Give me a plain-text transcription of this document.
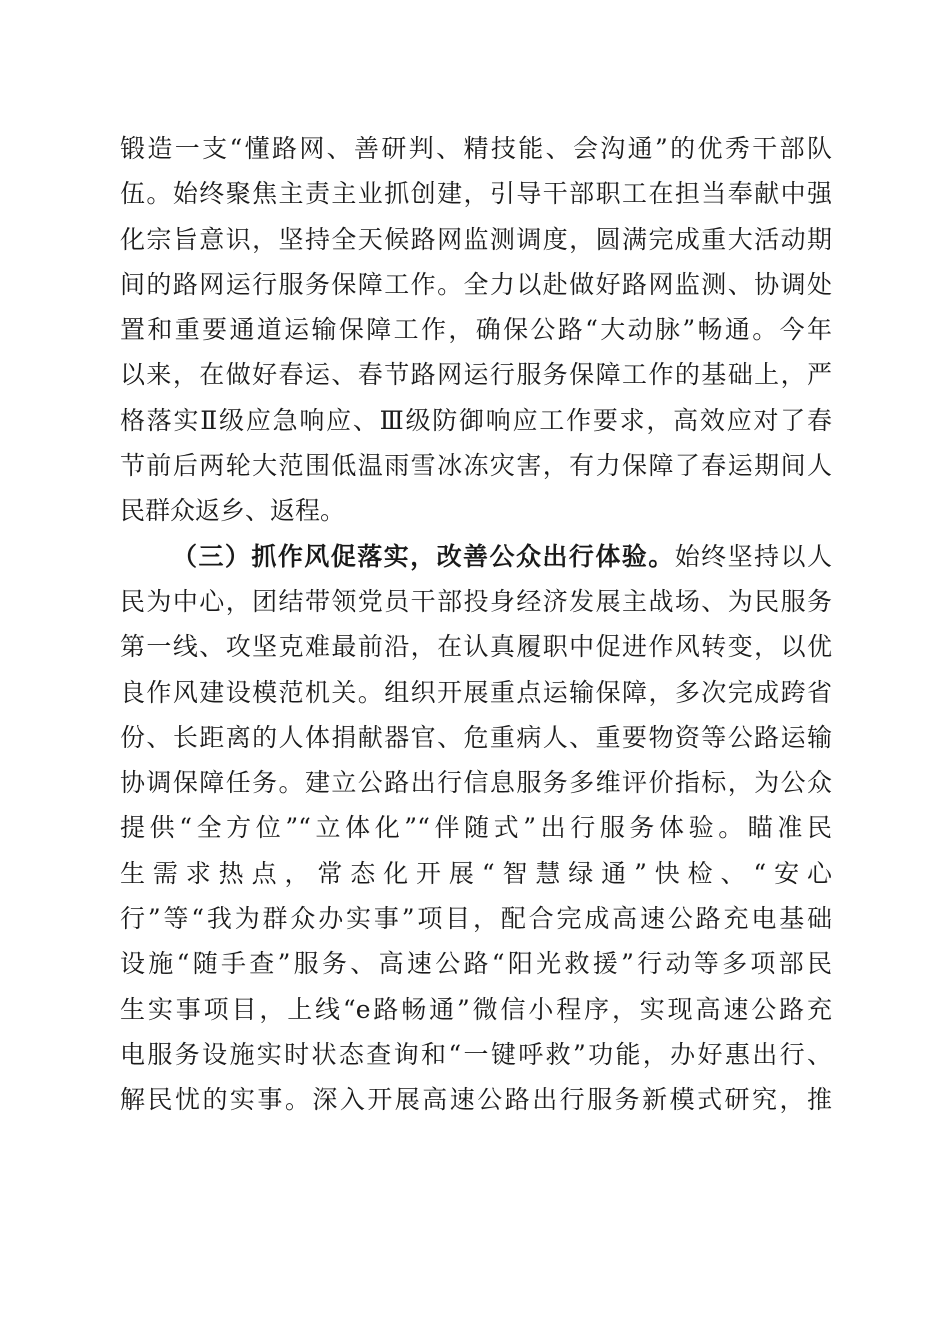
锻造一支“懂路网、善研判、精技能、会沟通”的优秀干部队
伍。始终聚焦主责主业抓创建，引导干部职工在担当奉献中强
化宗旨意识，坚持全天候路网监测调度，圆满完成重大活动期
间的路网运行服务保障工作。全力以赴做好路网监测、协调处
置和重要通道运输保障工作，确保公路“大动脉”畅通。今年
以来，在做好春运、春节路网运行服务保障工作的基础上，严
格落实Ⅱ级应急响应、Ⅲ级防御响应工作要求，高效应对了春
节前后两轮大范围低温雨雪冰冻灾害，有力保障了春运期间人
民群众返乡、返程。
（三）抓作风促落实，改善公众出行体验。始终坚持以人
民为中心，团结带领党员干部投身经济发展主战场、为民服务
第一线、攻坚克难最前沿，在认真履职中促进作风转变，以优
良作风建设模范机关。组织开展重点运输保障，多次完成跨省
份、长距离的人体捐献器官、危重病人、重要物资等公路运输
协调保障任务。建立公路出行信息服务多维评价指标，为公众
提供“全方位”“立体化”“伴随式”出行服务体验。瞄准民
生需求热点，常态化开展“智慧绿通”快检、“安心
行”等“我为群众办实事”项目，配合完成高速公路充电基础
设施“随手查”服务、高速公路“阳光救援”行动等多项部民
生实事项目，上线“e路畅通”微信小程序，实现高速公路充
电服务设施实时状态查询和“一键呼救”功能，办好惠出行、
解民忧的实事。深入开展高速公路出行服务新模式研究，推
